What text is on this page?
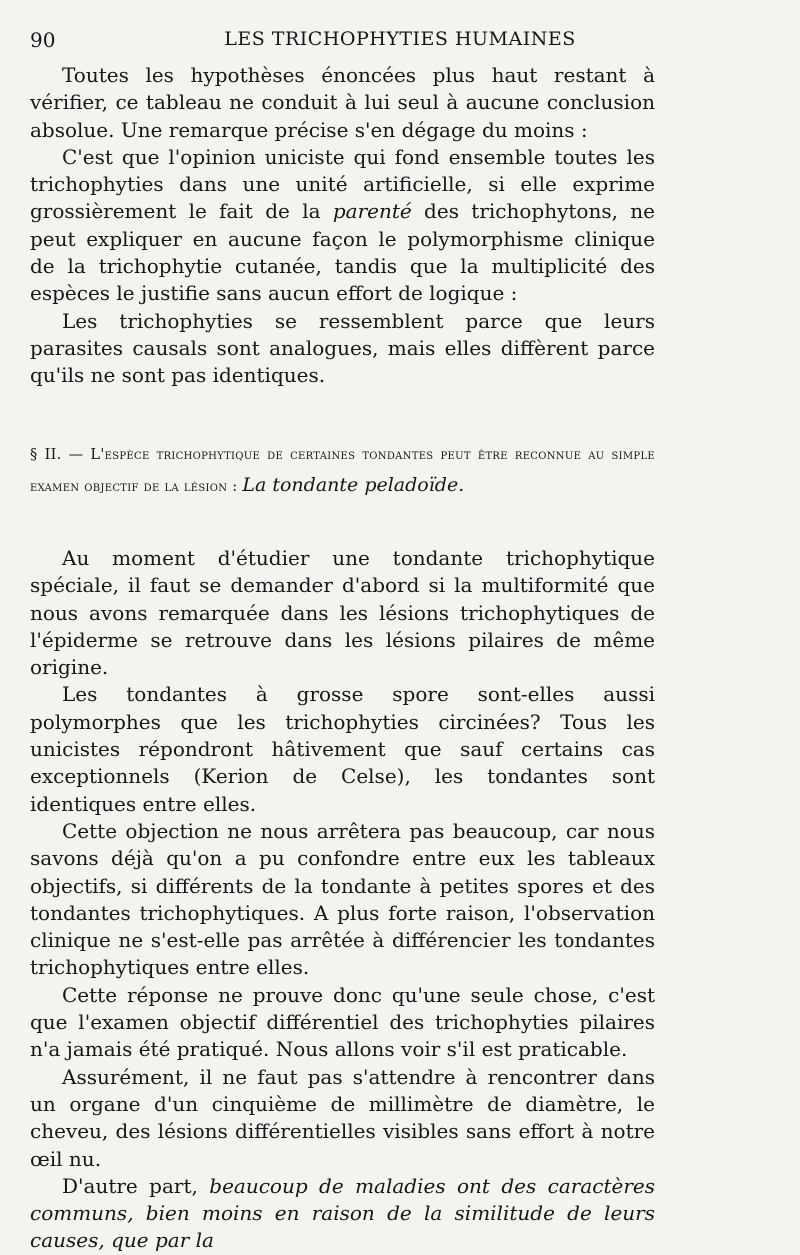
90	LES TRICHOPHYTIES HUMAINES

Toutes les hypothèses énoncées plus haut restant à vérifier, ce tableau ne conduit à lui seul à aucune conclusion absolue. Une remarque précise s'en dégage du moins :

C'est que l'opinion uniciste qui fond ensemble toutes les trichophyties dans une unité artificielle, si elle exprime grossièrement le fait de la parenté des trichophytons, ne peut expliquer en aucune façon le polymorphisme clinique de la trichophytie cutanée, tandis que la multiplicité des espèces le justifie sans aucun effort de logique :

Les trichophyties se ressemblent parce que leurs parasites causals sont analogues, mais elles diffèrent parce qu'ils ne sont pas identiques.

§ II. — L'espèce trichophytique de certaines tondantes peut être reconnue au simple examen objectif de la lésion : La tondante peladoïde.

Au moment d'étudier une tondante trichophytique spéciale, il faut se demander d'abord si la multiformité que nous avons remarquée dans les lésions trichophytiques de l'épiderme se retrouve dans les lésions pilaires de même origine.

Les tondantes à grosse spore sont-elles aussi polymorphes que les trichophyties circinées? Tous les unicistes répondront hâtivement que sauf certains cas exceptionnels (Kerion de Celse), les tondantes sont identiques entre elles.

Cette objection ne nous arrêtera pas beaucoup, car nous savons déjà qu'on a pu confondre entre eux les tableaux objectifs, si différents de la tondante à petites spores et des tondantes trichophytiques. A plus forte raison, l'observation clinique ne s'est-elle pas arrêtée à différencier les tondantes trichophytiques entre elles.

Cette réponse ne prouve donc qu'une seule chose, c'est que l'examen objectif différentiel des trichophyties pilaires n'a jamais été pratiqué. Nous allons voir s'il est praticable.

Assurément, il ne faut pas s'attendre à rencontrer dans un organe d'un cinquième de millimètre de diamètre, le cheveu, des lésions différentielles visibles sans effort à notre œil nu.

D'autre part, beaucoup de maladies ont des caractères communs, bien moins en raison de la similitude de leurs causes, que par la
